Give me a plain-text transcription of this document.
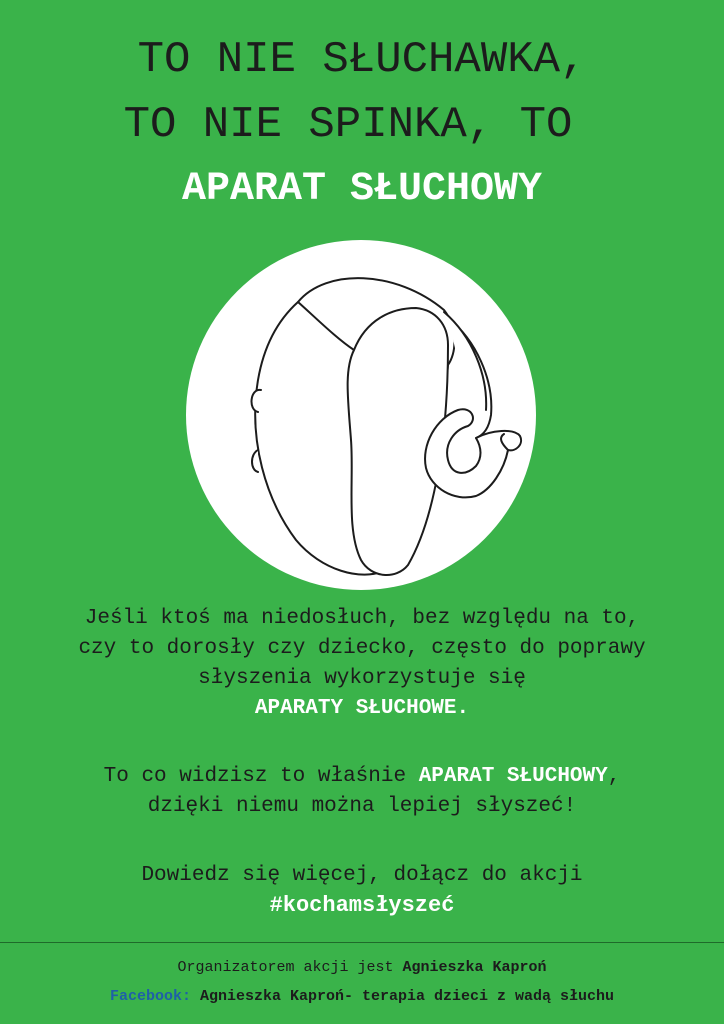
TO NIE SŁUCHAWKA,
TO NIE SPINKA, TO
APARAT SŁUCHOWY
Jeśli ktoś ma niedosłuch, bez względu na to,
czy to dorosły czy dziecko, często do poprawy
słyszenia wykorzystuje się
APARATY SŁUCHOWE.
To co widzisz to właśnie APARAT SŁUCHOWY,
dzięki niemu można lepiej słyszeć!
Dowiedz się więcej, dołącz do akcji
#kochamsłyszeć
Organizatorem akcji jest Agnieszka Kaproń
Facebook: Agnieszka Kaproń- terapia dzieci z wadą słuchu
